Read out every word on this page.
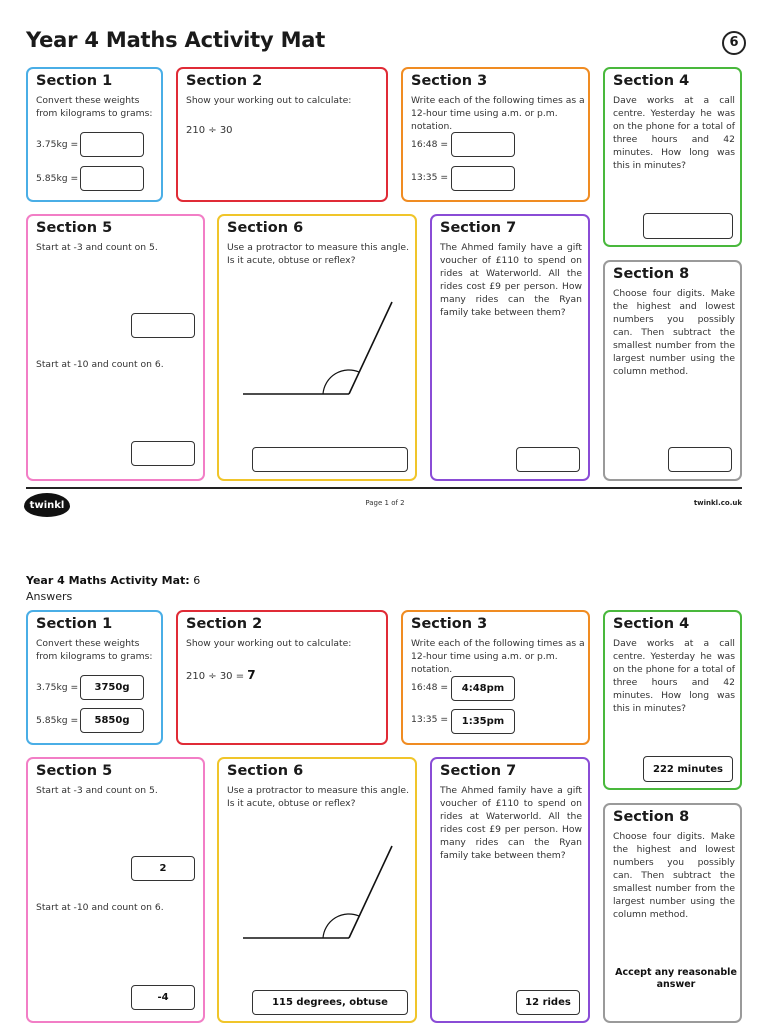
Year 4 Maths Activity Mat	6
Section 1
Convert these weights from kilograms to grams:
3.75kg =
5.85kg =
Section 2
Show your working out to calculate:
210 ÷ 30
Section 3
Write each of the following times as a 12-hour time using a.m. or p.m. notation.
16:48 =
13:35 =
Section 4
Dave works at a call centre. Yesterday he was on the phone for a total of three hours and 42 minutes. How long was this in minutes?
Section 5
Start at -3 and count on 5.
Start at -10 and count on 6.
Section 6
Use a protractor to measure this angle. Is it acute, obtuse or reflex?
Section 7
The Ahmed family have a gift voucher of £110 to spend on rides at Waterworld. All the rides cost £9 per person. How many rides can the Ryan family take between them?
Section 8
Choose four digits. Make the highest and lowest numbers you possibly can. Then subtract the smallest number from the largest number using the column method.
twinkl	Page 1 of 2	twinkl.co.uk
Year 4 Maths Activity Mat: 6
Answers
Section 1
Convert these weights from kilograms to grams:
3.75kg =	3750g
5.85kg =	5850g
Section 2
Show your working out to calculate:
210 ÷ 30 = 7
Section 3
Write each of the following times as a 12-hour time using a.m. or p.m. notation.
16:48 =	4:48pm
13:35 =	1:35pm
Section 4
Dave works at a call centre. Yesterday he was on the phone for a total of three hours and 42 minutes. How long was this in minutes?
222 minutes
Section 5
Start at -3 and count on 5.
2
Start at -10 and count on 6.
-4
Section 6
Use a protractor to measure this angle. Is it acute, obtuse or reflex?
115 degrees, obtuse
Section 7
The Ahmed family have a gift voucher of £110 to spend on rides at Waterworld. All the rides cost £9 per person. How many rides can the Ryan family take between them?
12 rides
Section 8
Choose four digits. Make the highest and lowest numbers you possibly can. Then subtract the smallest number from the largest number using the column method.
Accept any reasonable answer
